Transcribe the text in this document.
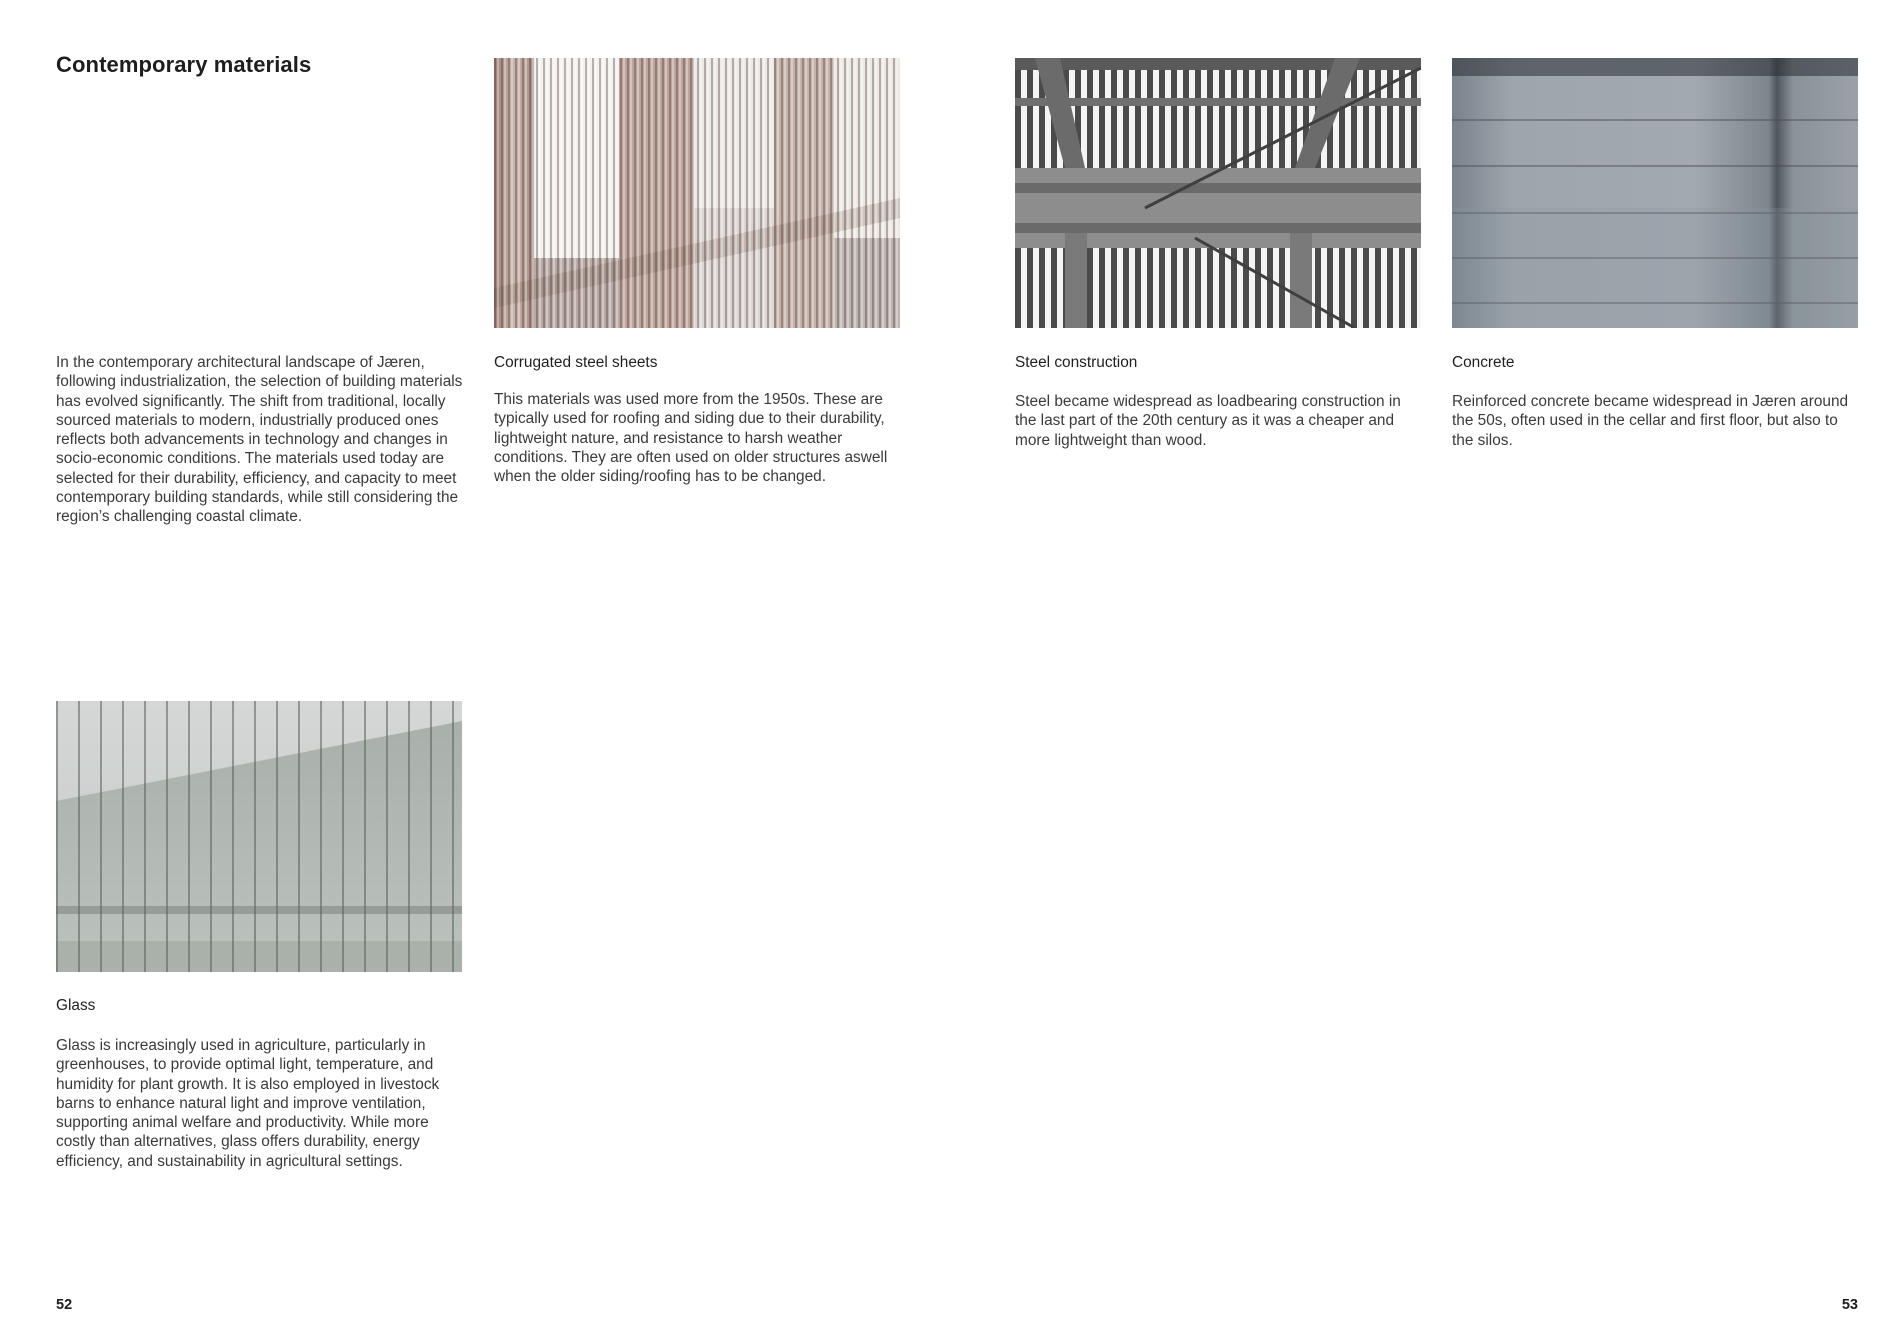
Contemporary materials
In the contemporary architectural landscape of Jæren, following industrialization, the selection of building materials has evolved significantly. The shift from traditional, locally sourced materials to modern, industrially produced ones reflects both advancements in technology and changes in socio-economic conditions. The materials used today are selected for their durability, efficiency, and capacity to meet contemporary building standards, while still considering the region’s challenging coastal climate.
Corrugated steel sheets
This materials was used more from the 1950s. These are typically used for roofing and siding due to their durability, lightweight nature, and resistance to harsh weather conditions. They are often used on older structures aswell when the older siding/roofing has to be changed.
Steel construction
Steel became widespread as loadbearing construction in the last part of the 20th century as it was a cheaper and more lightweight than wood.
Concrete
Reinforced concrete became widespread in Jæren around the 50s, often used in the cellar and first floor, but also to the silos.
Glass
Glass is increasingly used in agriculture, particularly in greenhouses, to provide optimal light, temperature, and humidity for plant growth. It is also employed in livestock barns to enhance natural light and improve ventilation, supporting animal welfare and productivity. While more costly than alternatives, glass offers durability, energy efficiency, and sustainability in agricultural settings.
52	53
